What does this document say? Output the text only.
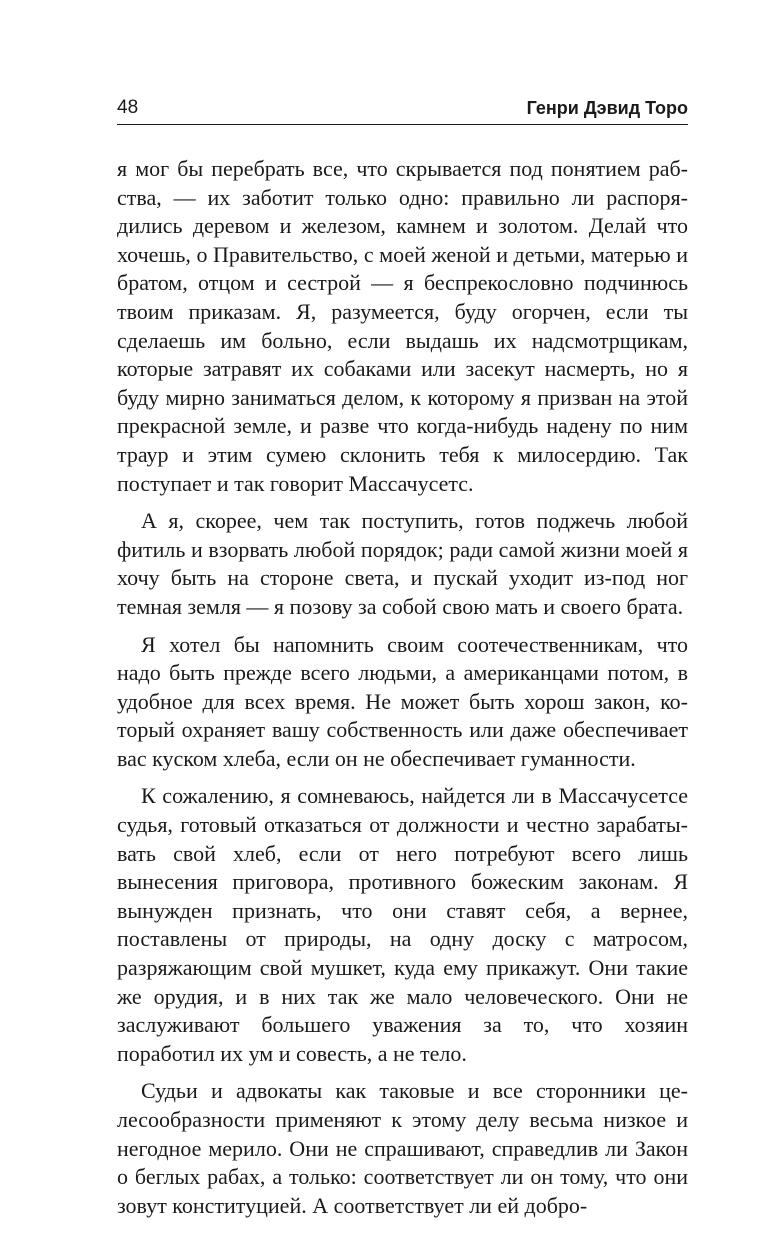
48	Генри Дэвид Торо

я мог бы перебрать все, что скрывается под понятием рабства, — их заботит только одно: правильно ли распорядились деревом и железом, камнем и золотом. Делай что хочешь, о Правительство, с моей женой и детьми, матерью и братом, отцом и сестрой — я беспрекословно подчинюсь твоим приказам. Я, разумеется, буду огорчен, если ты сделаешь им больно, если выдашь их надсмотрщикам, которые затравят их собаками или засекут насмерть, но я буду мирно заниматься делом, к которому я призван на этой прекрасной земле, и разве что когда-нибудь надену по ним траур и этим сумею склонить тебя к милосердию. Так поступает и так говорит Массачусетс.

А я, скорее, чем так поступить, готов поджечь любой фитиль и взорвать любой порядок; ради самой жизни моей я хочу быть на стороне света, и пускай уходит из-под ног темная земля — я позову за собой свою мать и своего брата.

Я хотел бы напомнить своим соотечественникам, что надо быть прежде всего людьми, а американцами потом, в удобное для всех время. Не может быть хорош закон, который охраняет вашу собственность или даже обеспечивает вас куском хлеба, если он не обеспечивает гуманности.

К сожалению, я сомневаюсь, найдется ли в Массачусетсе судья, готовый отказаться от должности и честно зарабатывать свой хлеб, если от него потребуют всего лишь вынесения приговора, противного божеским законам. Я вынужден признать, что они ставят себя, а вернее, поставлены от природы, на одну доску с матросом, разряжающим свой мушкет, куда ему прикажут. Они такие же орудия, и в них так же мало человеческого. Они не заслуживают большего уважения за то, что хозяин поработил их ум и совесть, а не тело.

Судьи и адвокаты как таковые и все сторонники целесообразности применяют к этому делу весьма низкое и негодное мерило. Они не спрашивают, справедлив ли Закон о беглых рабах, а только: соответствует ли он тому, что они зовут конституцией. А соответствует ли ей добро-
